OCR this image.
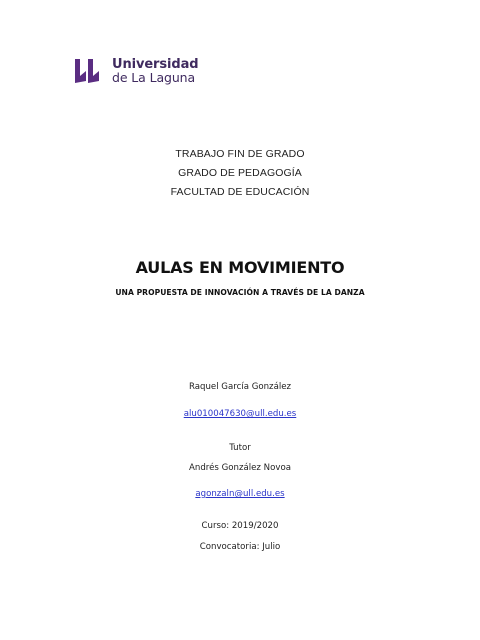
Universidad
de La Laguna
TRABAJO FIN DE GRADO
GRADO DE PEDAGOGÍA
FACULTAD DE EDUCACIÓN
AULAS EN MOVIMIENTO
UNA PROPUESTA DE INNOVACIÓN A TRAVÉS DE LA DANZA
Raquel García González
alu010047630@ull.edu.es
Tutor
Andrés González Novoa
agonzaln@ull.edu.es
Curso: 2019/2020
Convocatoria: Julio
